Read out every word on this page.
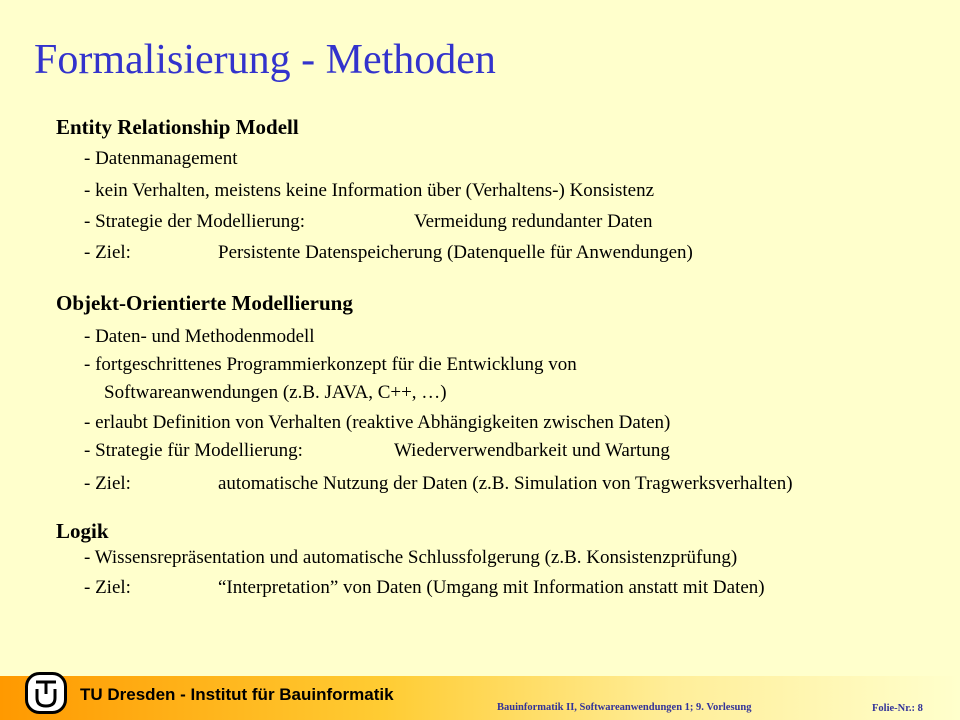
Formalisierung - Methoden
Entity Relationship Modell
- Datenmanagement
- kein Verhalten, meistens keine Information über (Verhaltens-) Konsistenz
- Strategie der Modellierung:	Vermeidung redundanter Daten
- Ziel:	Persistente Datenspeicherung (Datenquelle für Anwendungen)
Objekt-Orientierte Modellierung
- Daten- und Methodenmodell
- fortgeschrittenes Programmierkonzept für die Entwicklung von
Softwareanwendungen (z.B. JAVA, C++, …)
- erlaubt Definition von Verhalten (reaktive Abhängigkeiten zwischen Daten)
- Strategie für Modellierung:	Wiederverwendbarkeit und Wartung
- Ziel:	automatische Nutzung der Daten (z.B. Simulation von Tragwerksverhalten)
Logik
- Wissensrepräsentation und automatische Schlussfolgerung (z.B. Konsistenzprüfung)
- Ziel:	“Interpretation” von Daten (Umgang mit Information anstatt mit Daten)
TU Dresden - Institut für Bauinformatik
Bauinformatik II, Softwareanwendungen 1; 9. Vorlesung	Folie-Nr.: 8
